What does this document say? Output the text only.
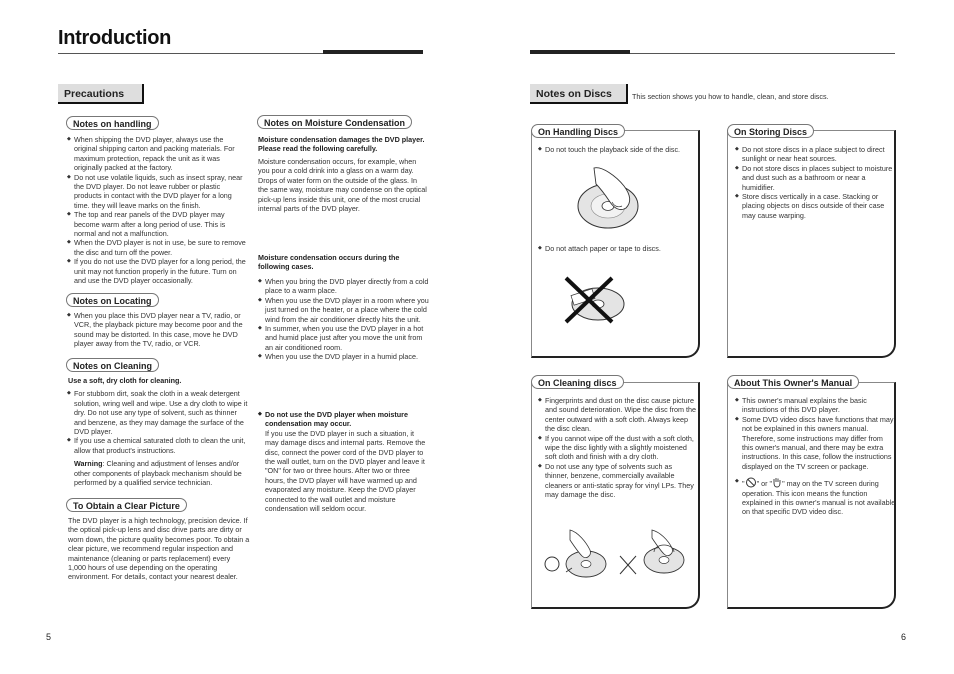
Introduction
Precautions
Notes on handling

◆ When shipping the DVD player, always use the original shipping carton and packing materials. For maximum protection, repack the unit as it was originally packed at the factory.

◆ Do not use volatile liquids, such as insect spray, near the DVD player. Do not leave rubber or plastic products in contact with the DVD player for a long time. they will leave marks on the finish.

◆ The top and rear panels of the DVD player may become warm after a long period of use. This is normal and not a malfunction.

◆ When the DVD player is not in use, be sure to remove the disc and turn off the power.

◆ If you do not use the DVD player for a long period, the unit may not function properly in the future. Turn on and use the DVD player occasionally.

Notes on Locating

◆ When you place this DVD player near a TV, radio, or VCR, the playback picture may become poor and the sound may be distorted. In this case, move he DVD player away from the TV, radio, or VCR.

Notes on Cleaning

Use a soft, dry cloth for cleaning.

◆ For stubborn dirt, soak the cloth in a weak detergent solution, wring well and wipe. Use a dry cloth to wipe it dry. Do not use any type of solvent, such as thinner and benzene, as they may damage the surface of the DVD player.

◆ If you use a chemical saturated cloth to clean the unit, allow that product's instructions.

Warning: Cleaning and adjustment of lenses and/or other components of playback mechanism should be performed by a qualified service technician.

To Obtain a Clear Picture
The DVD player is a high technology, precision device. If the optical pick-up lens and disc drive parts are dirty or worn down, the picture quality becomes poor. To obtain a clear picture, we recommend regular inspection and maintenance (cleaning or parts replacement) every 1,000 hours of use depending on the operating environment. For details, contact your nearest dealer.
Notes on Moisture Condensation

Moisture condensation damages the DVD player. Please read the following carefully.

Moisture condensation occurs, for example, when you pour a cold drink into a glass on a warm day. Drops of water form on the outside of the glass. In the same way, moisture may condense on the optical pick-up lens inside this unit, one of the most crucial internal parts of the DVD player.

Moisture condensation occurs during the following cases.

◆ When you bring the DVD player directly from a cold place to a warm place.

◆ When you use the DVD player in a room where you just turned on the heater, or a place where the cold wind from the air conditioner directly hits the unit.

◆ In summer, when you use the DVD player in a hot and humid place just after you move the unit from an air conditioned room.

◆ When you use the DVD player in a humid place.

◆ Do not use the DVD player when moisture condensation may occur.

If you use the DVD player in such a situation, it may damage discs and internal parts. Remove the disc, connect the power cord of the DVD player to the wall outlet, turn on the DVD player and leave it "ON" for two or three hours. After two or three hours, the DVD player will have warmed up and evaporated any moisture. Keep the DVD player connected to the wall outlet and moisture condensation will seldom occur.

5
Notes on Discs	This section shows you how to handle, clean, and store discs.
On Handling Discs

◆ Do not touch the playback side of the disc.

◆ Do not attach paper or tape to discs.

On Storing Discs

◆ Do not store discs in a place subject to direct sunlight or near heat sources.

◆ Do not store discs in places subject to moisture and dust such as a bathroom or near a humidifier.

◆ Store discs vertically in a case. Stacking or placing objects on discs outside of their case may cause warping.

On Cleaning discs

◆ Fingerprints and dust on the disc cause picture and sound deterioration. Wipe the disc from the center outward with a soft cloth. Always keep the disc clean.

◆ If you cannot wipe off the dust with a soft cloth, wipe the disc lightly with a slightly moistened soft cloth and finish with a dry cloth.

◆ Do not use any type of solvents such as thinner, benzene, commercially available cleaners or anti-static spray for vinyl LPs. They may damage the disc.

About This Owner's Manual

◆ This owner's manual explains the basic instructions of this DVD player.

◆ Some DVD video discs have functions that may not be explained in this owners manual. Therefore, some instructions may differ from this owner's manual, and there may be extra instructions. In this case, follow the instructions displayed on the TV screen or package.

◆ " " or " " may on the TV screen during operation. This icon means the function explained in this owner's manual is not available on that specific DVD video disc.

6
